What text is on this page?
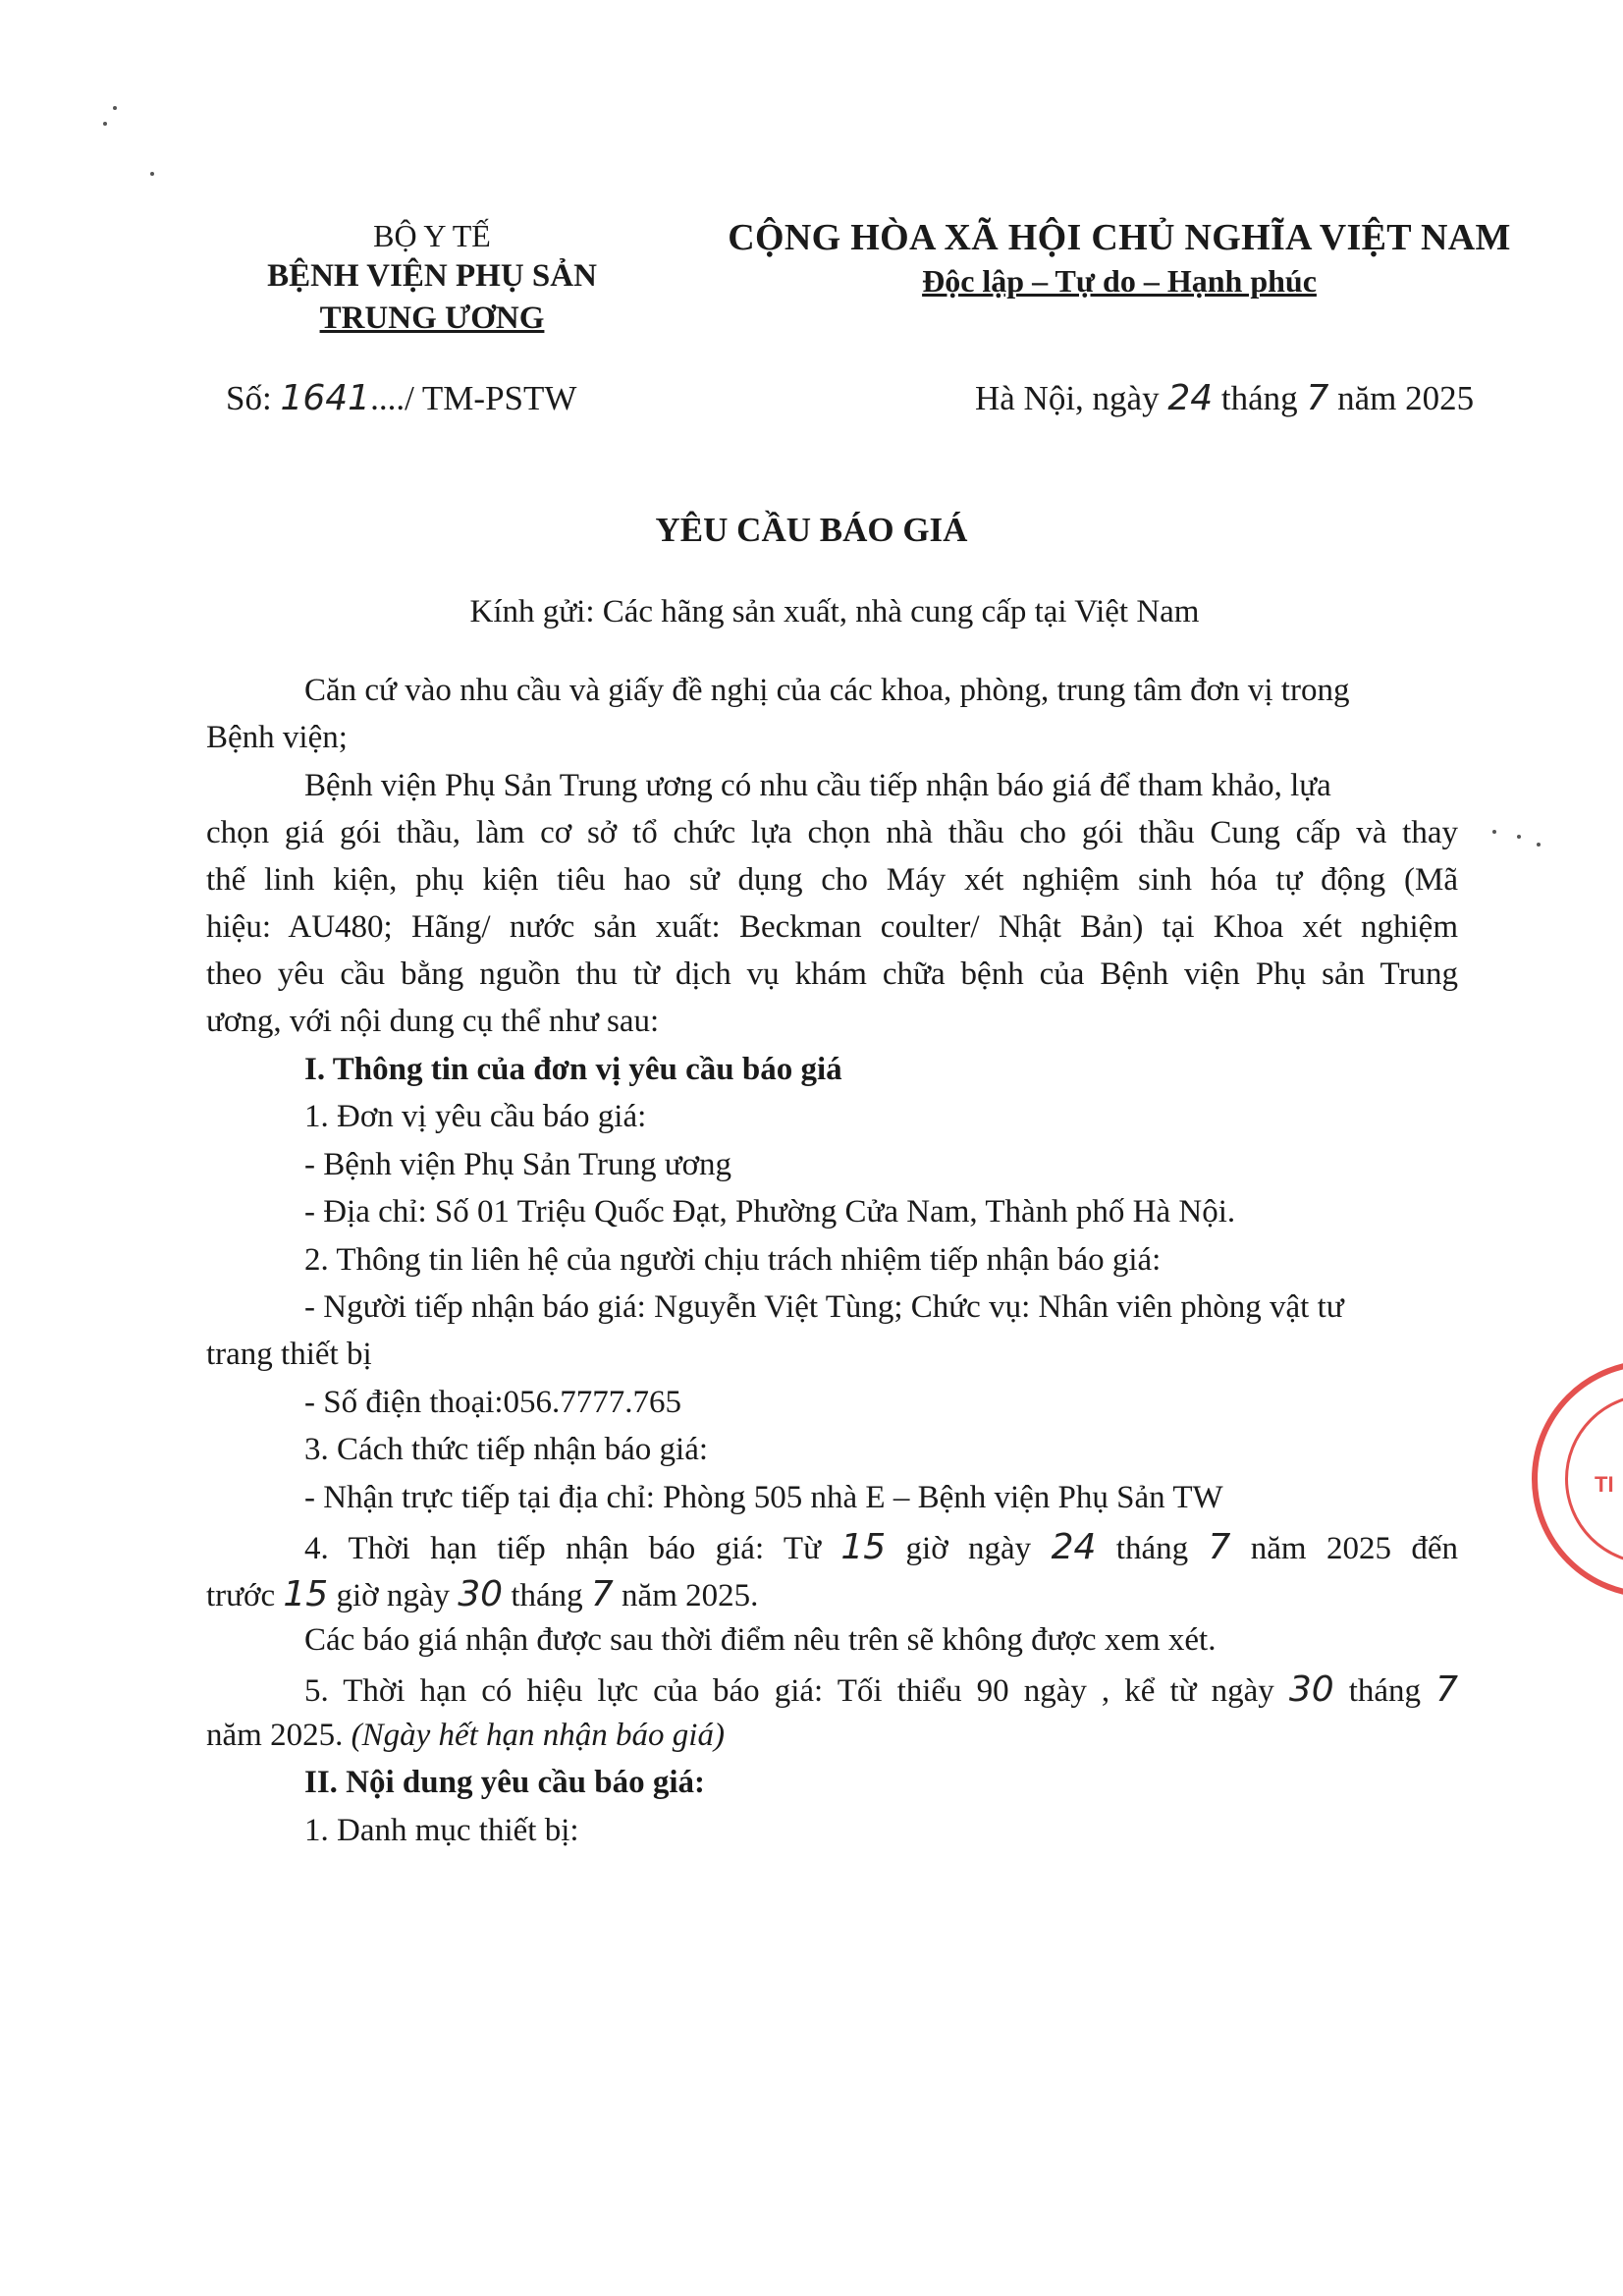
BỘ Y TẾ
BỆNH VIỆN PHỤ SẢN
TRUNG ƯƠNG
CỘNG HÒA XÃ HỘI CHỦ NGHĨA VIỆT NAM
Độc lập – Tự do – Hạnh phúc
Số: 1641..../ TM-PSTW	Hà Nội, ngày 24 tháng 7 năm 2025
YÊU CẦU BÁO GIÁ
Kính gửi: Các hãng sản xuất, nhà cung cấp tại Việt Nam
Căn cứ vào nhu cầu và giấy đề nghị của các khoa, phòng, trung tâm đơn vị trong
Bệnh viện;
Bệnh viện Phụ Sản Trung ương có nhu cầu tiếp nhận báo giá để tham khảo, lựa
chọn giá gói thầu, làm cơ sở tổ chức lựa chọn nhà thầu cho gói thầu Cung cấp và thay
thế linh kiện, phụ kiện tiêu hao sử dụng cho Máy xét nghiệm sinh hóa tự động (Mã
hiệu: AU480; Hãng/ nước sản xuất: Beckman coulter/ Nhật Bản) tại Khoa xét nghiệm
theo yêu cầu bằng nguồn thu từ dịch vụ khám chữa bệnh của Bệnh viện Phụ sản Trung
ương, với nội dung cụ thể như sau:
I. Thông tin của đơn vị yêu cầu báo giá
1. Đơn vị yêu cầu báo giá:
- Bệnh viện Phụ Sản Trung ương
- Địa chỉ: Số 01 Triệu Quốc Đạt, Phường Cửa Nam, Thành phố Hà Nội.
2. Thông tin liên hệ của người chịu trách nhiệm tiếp nhận báo giá:
- Người tiếp nhận báo giá: Nguyễn Việt Tùng; Chức vụ: Nhân viên phòng vật tư
trang thiết bị
- Số điện thoại:056.7777.765
3. Cách thức tiếp nhận báo giá:
- Nhận trực tiếp tại địa chỉ: Phòng 505 nhà E – Bệnh viện Phụ Sản TW
4. Thời hạn tiếp nhận báo giá: Từ 15 giờ ngày 24 tháng 7 năm 2025 đến
trước 15 giờ ngày 30 tháng 7 năm 2025.
Các báo giá nhận được sau thời điểm nêu trên sẽ không được xem xét.
5. Thời hạn có hiệu lực của báo giá: Tối thiểu 90 ngày , kể từ ngày 30 tháng 7
năm 2025. (Ngày hết hạn nhận báo giá)
II. Nội dung yêu cầu báo giá:
1. Danh mục thiết bị:
TI
